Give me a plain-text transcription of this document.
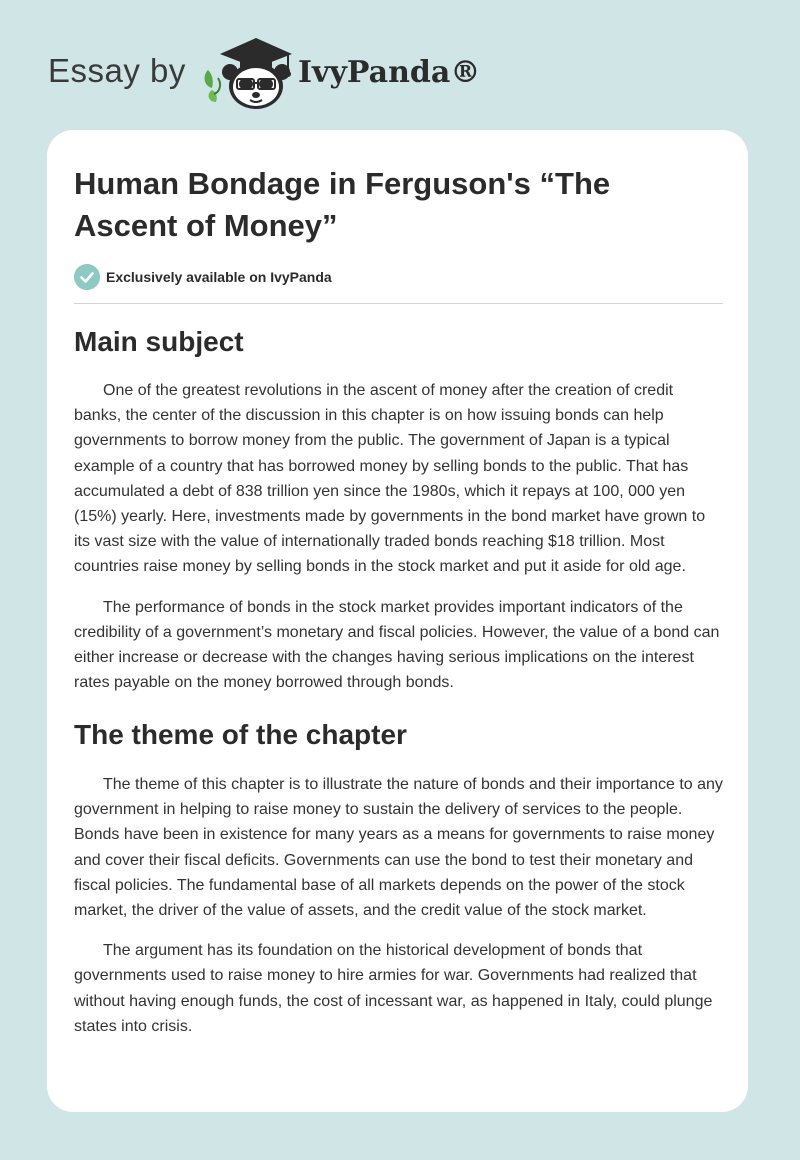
Essay by	IvyPanda®
Human Bondage in Ferguson's “The Ascent of Money”
Exclusively available on IvyPanda
Main subject

One of the greatest revolutions in the ascent of money after the creation of credit banks, the center of the discussion in this chapter is on how issuing bonds can help governments to borrow money from the public. The government of Japan is a typical example of a country that has borrowed money by selling bonds to the public. That has accumulated a debt of 838 trillion yen since the 1980s, which it repays at 100, 000 yen (15%) yearly. Here, investments made by governments in the bond market have grown to its vast size with the value of internationally traded bonds reaching $18 trillion. Most countries raise money by selling bonds in the stock market and put it aside for old age.

The performance of bonds in the stock market provides important indicators of the credibility of a government’s monetary and fiscal policies. However, the value of a bond can either increase or decrease with the changes having serious implications on the interest rates payable on the money borrowed through bonds.

The theme of the chapter

The theme of this chapter is to illustrate the nature of bonds and their importance to any government in helping to raise money to sustain the delivery of services to the people. Bonds have been in existence for many years as a means for governments to raise money and cover their fiscal deficits. Governments can use the bond to test their monetary and fiscal policies. The fundamental base of all markets depends on the power of the stock market, the driver of the value of assets, and the credit value of the stock market.

The argument has its foundation on the historical development of bonds that governments used to raise money to hire armies for war. Governments had realized that without having enough funds, the cost of incessant war, as happened in Italy, could plunge states into crisis.
